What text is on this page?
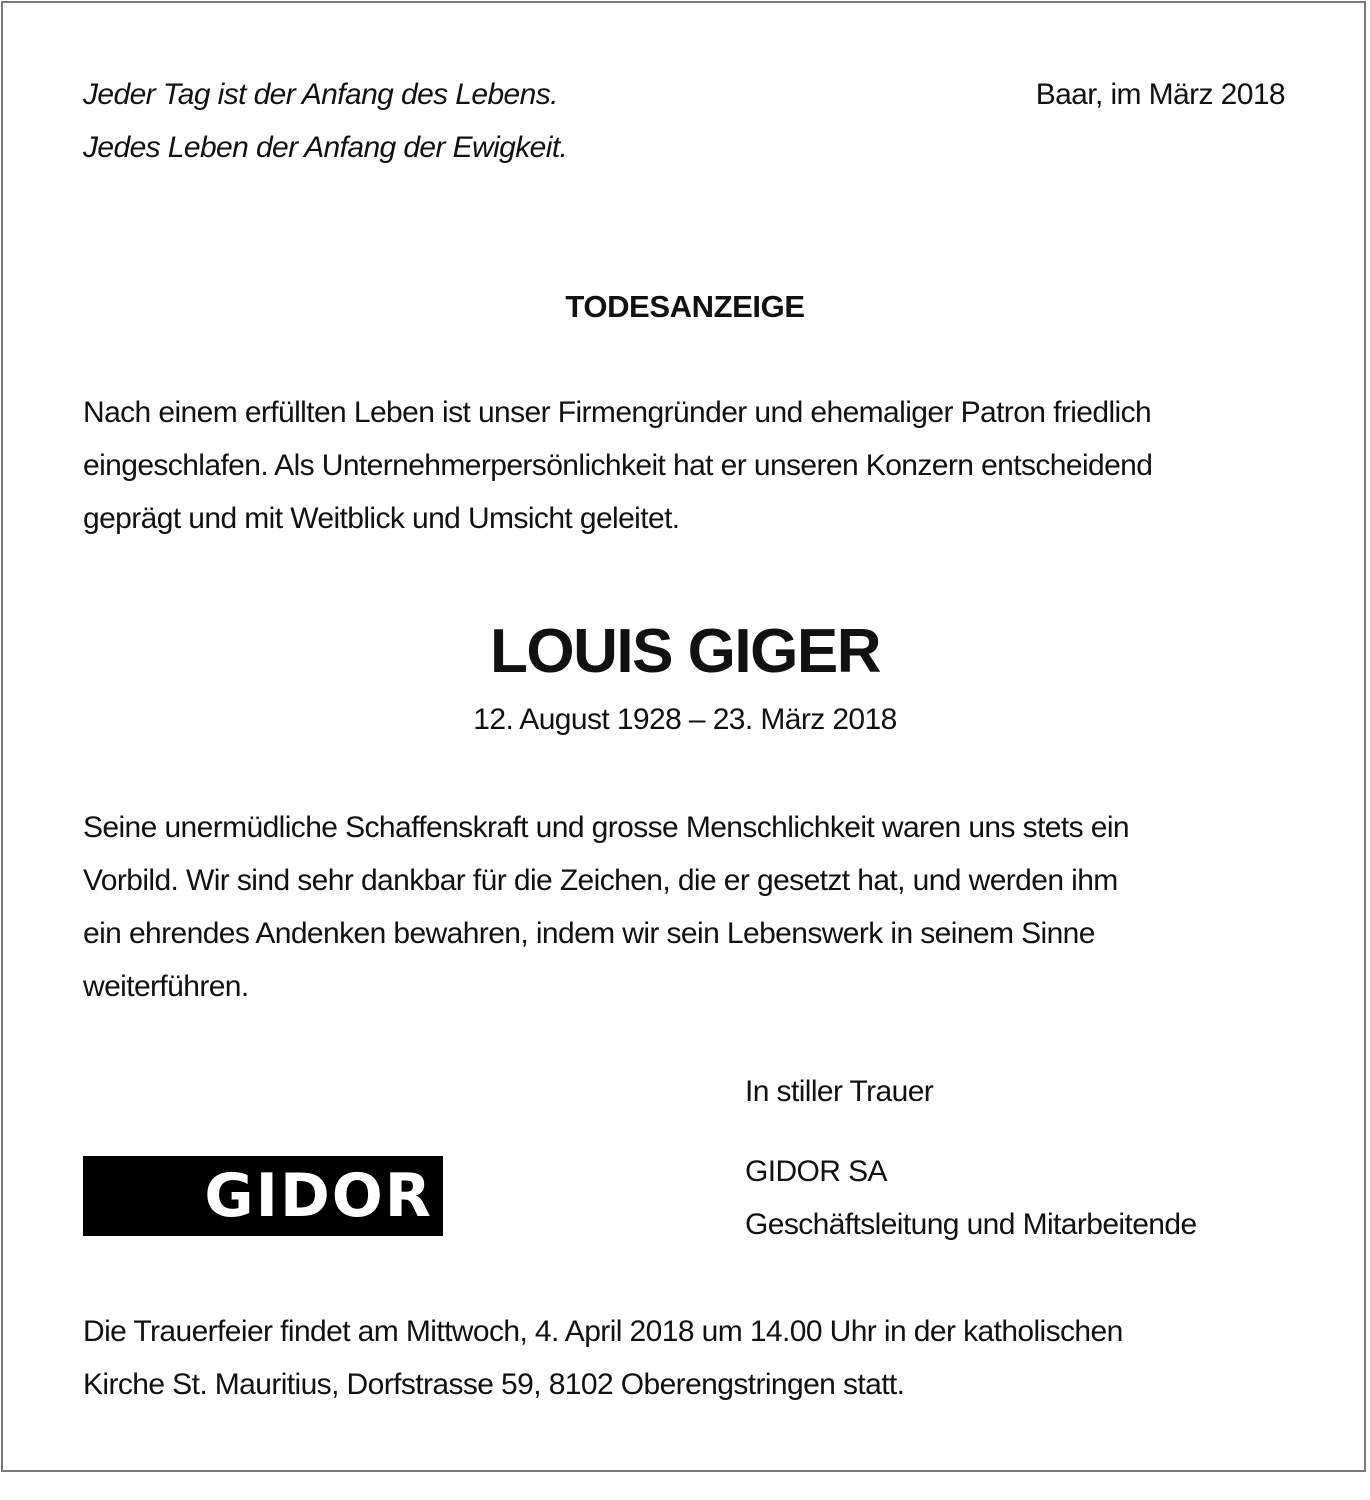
Jeder Tag ist der Anfang des Lebens.
Jedes Leben der Anfang der Ewigkeit.

Baar, im März 2018

TODESANZEIGE

Nach einem erfüllten Leben ist unser Firmengründer und ehemaliger Patron friedlich
eingeschlafen. Als Unternehmerpersönlichkeit hat er unseren Konzern entscheidend
geprägt und mit Weitblick und Umsicht geleitet.

LOUIS GIGER

12. August 1928 – 23. März 2018

Seine unermüdliche Schaffenskraft und grosse Menschlichkeit waren uns stets ein
Vorbild. Wir sind sehr dankbar für die Zeichen, die er gesetzt hat, und werden ihm
ein ehrendes Andenken bewahren, indem wir sein Lebenswerk in seinem Sinne
weiterführen.

In stiller Trauer

GIDOR	GIDOR SA
Geschäftsleitung und Mitarbeitende

Die Trauerfeier findet am Mittwoch, 4. April 2018 um 14.00 Uhr in der katholischen
Kirche St. Mauritius, Dorfstrasse 59, 8102 Oberengstringen statt.
